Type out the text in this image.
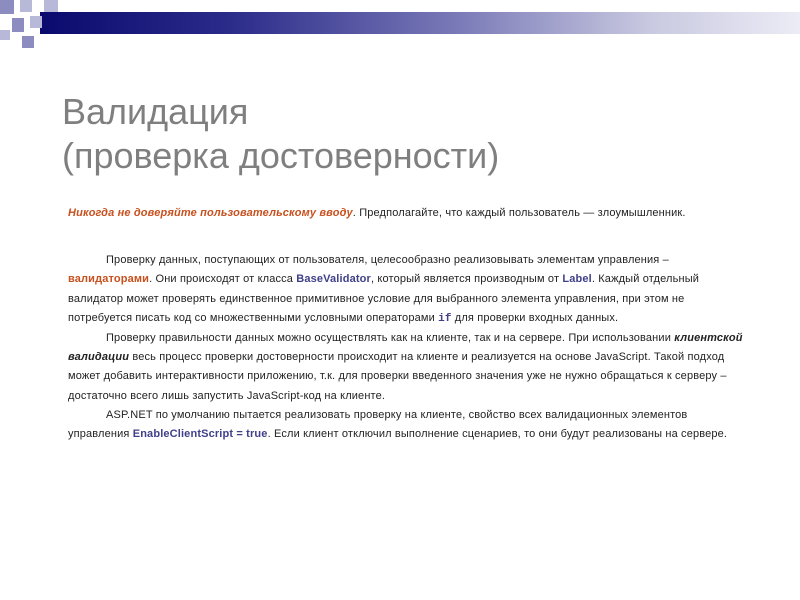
Валидация
(проверка достоверности)

Никогда не доверяйте пользовательскому вводу. Предполагайте, что каждый пользователь — злоумышленник.

Проверку данных, поступающих от пользователя, целесообразно реализовывать элементам управления – валидаторами. Они происходят от класса BaseValidator, который является производным от Label. Каждый отдельный валидатор может проверять единственное примитивное условие для выбранного элемента управления, при этом не потребуется писать код со множественными условными операторами if для проверки входных данных.

Проверку правильности данных можно осуществлять как на клиенте, так и на сервере. При использовании клиентской валидации весь процесс проверки достоверности происходит на клиенте и реализуется на основе JavaScript. Такой подход может добавить интерактивности приложению, т.к. для проверки введенного значения уже не нужно обращаться к серверу – достаточно всего лишь запустить JavaScript-код на клиенте.

ASP.NET по умолчанию пытается реализовать проверку на клиенте, свойство всех валидационных элементов управления EnableClientScript = true. Если клиент отключил выполнение сценариев, то они будут реализованы на сервере.
